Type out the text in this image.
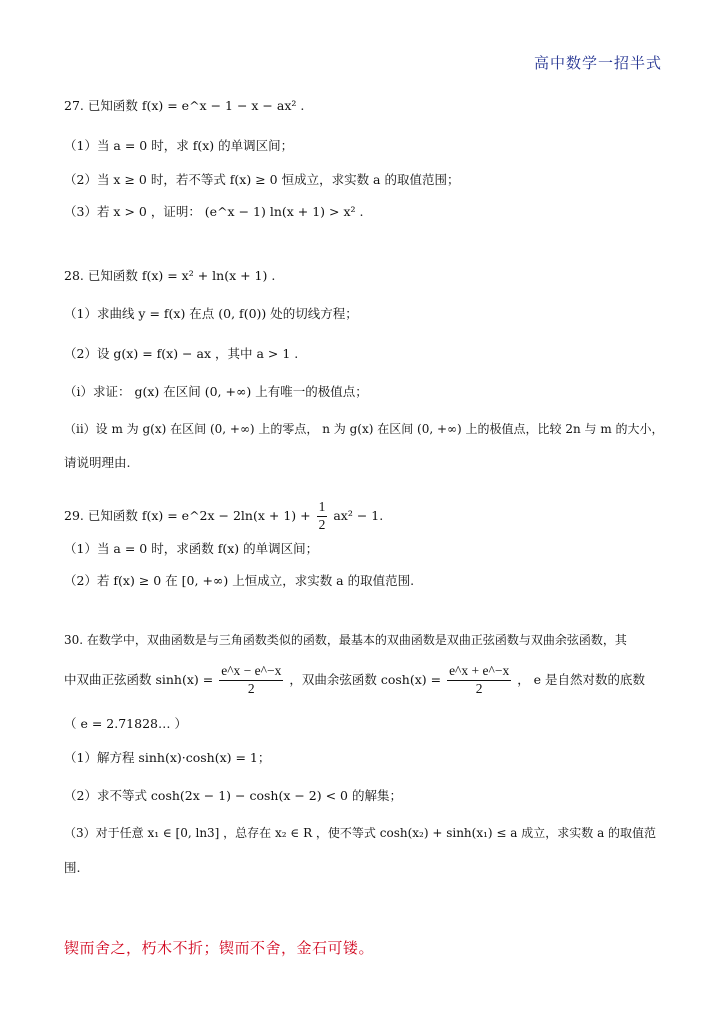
高中数学一招半式
27. 已知函数 f(x) = e^x − 1 − x − ax² .
（1）当 a = 0 时，求 f(x) 的单调区间；
（2）当 x ≥ 0 时，若不等式 f(x) ≥ 0 恒成立，求实数 a 的取值范围；
（3）若 x > 0 ，证明： (e^x − 1) ln(x + 1) > x² .
28. 已知函数 f(x) = x² + ln(x + 1) .
（1）求曲线 y = f(x) 在点 (0, f(0)) 处的切线方程；
（2）设 g(x) = f(x) − ax ，其中 a > 1 .
（i）求证： g(x) 在区间 (0, +∞) 上有唯一的极值点；
（ii）设 m 为 g(x) 在区间 (0, +∞) 上的零点， n 为 g(x) 在区间 (0, +∞) 上的极值点，比较 2n 与 m 的大小，
请说明理由.
29. 已知函数 f(x) = e^2x − $2\ln(x + 1) + \frac{1}{2} ax^2 - 1$.
（1）当 a = 0 时，求函数 f(x) 的单调区间；
（2）若 f(x) ≥ 0 在 [0, +∞) 上恒成立，求实数 a 的取值范围.
30. 在数学中，双曲函数是与三角函数类似的函数，最基本的双曲函数是双曲正弦函数与双曲余弦函数，其
中双曲正弦函数 $\sinh(x) = \frac{e\^{}x - e\^{}-x}{2}$ ，双曲余弦函数 $\cosh(x) = \frac{e\^{}x + e\^{}-x}{2}$ ， e 是自然对数的底数
（ e = 2.71828… ）
（1）解方程 sinh(x)·cosh(x) = 1；
（2）求不等式 cosh(2x − 1) − cosh(x − 2) < 0 的解集；
（3）对于任意 x₁ ∈ [0, ln3] ，总存在 x₂ ∈ R ，使不等式 cosh(x₂) + sinh(x₁) ≤ a 成立，求实数 a 的取值范
围.
锲而舍之，朽木不折；锲而不舍，金石可镂。
